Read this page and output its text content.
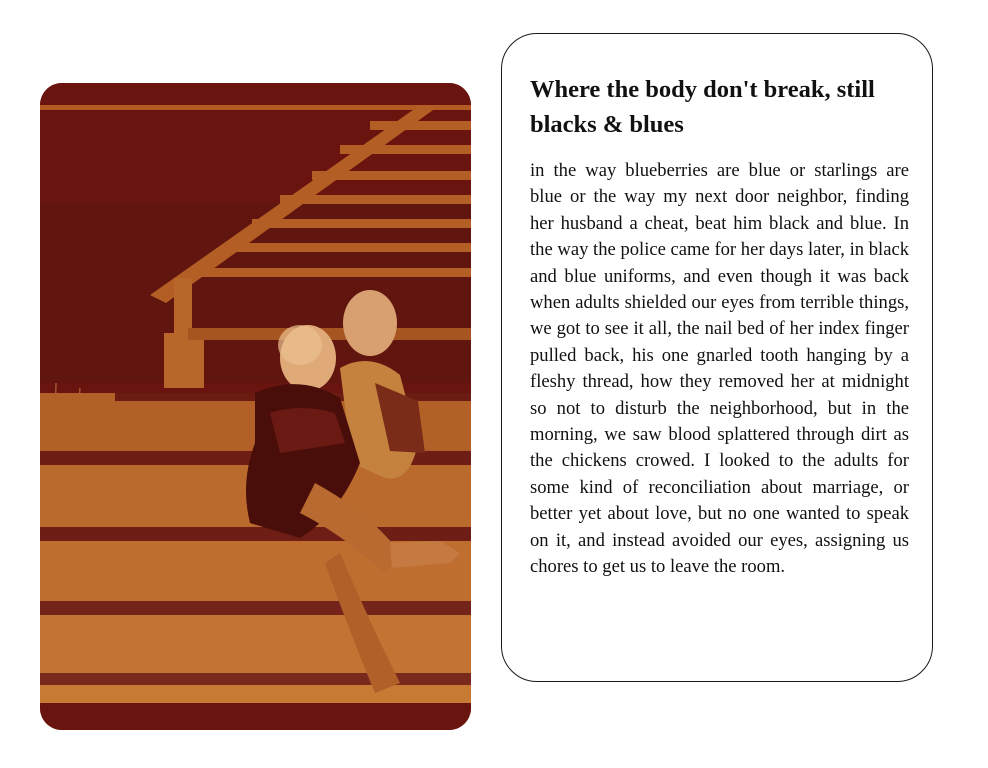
Where the body don't break, still blacks & blues

in the way blueberries are blue or starlings are blue or the way my next door neighbor, finding her husband a cheat, beat him black and blue. In the way the police came for her days later, in black and blue uniforms, and even though it was back when adults shielded our eyes from terrible things, we got to see it all, the nail bed of her index finger pulled back, his one gnarled tooth hanging by a fleshy thread, how they removed her at midnight so not to disturb the neighborhood, but in the morning, we saw blood splattered through dirt as the chickens crowed. I looked to the adults for some kind of reconciliation about marriage, or better yet about love, but no one wanted to speak on it, and instead avoided our eyes, assigning us chores to get us to leave the room.
